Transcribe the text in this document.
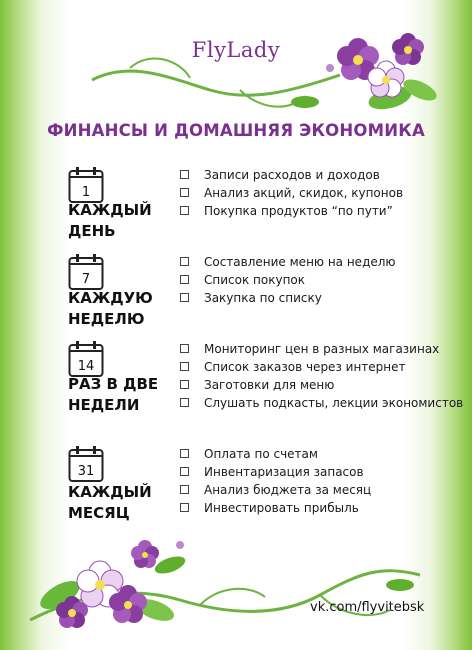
FlyLady
ФИНАНСЫ И ДОМАШНЯЯ ЭКОНОМИКА
1
КАЖДЫЙ
ДЕНЬ
Записи расходов и доходов
Анализ акций, скидок, купонов
Покупка продуктов “по пути”
7
КАЖДУЮ
НЕДЕЛЮ
Составление меню на неделю
Список покупок
Закупка по списку
14
РАЗ В ДВЕ
НЕДЕЛИ
Мониторинг цен в разных магазинах
Список заказов через интернет
Заготовки для меню
Слушать подкасты, лекции экономистов
31
КАЖДЫЙ
МЕСЯЦ
Оплата по счетам
Инвентаризация запасов
Анализ бюджета за месяц
Инвестировать прибыль
vk.com/flyvitebsk
